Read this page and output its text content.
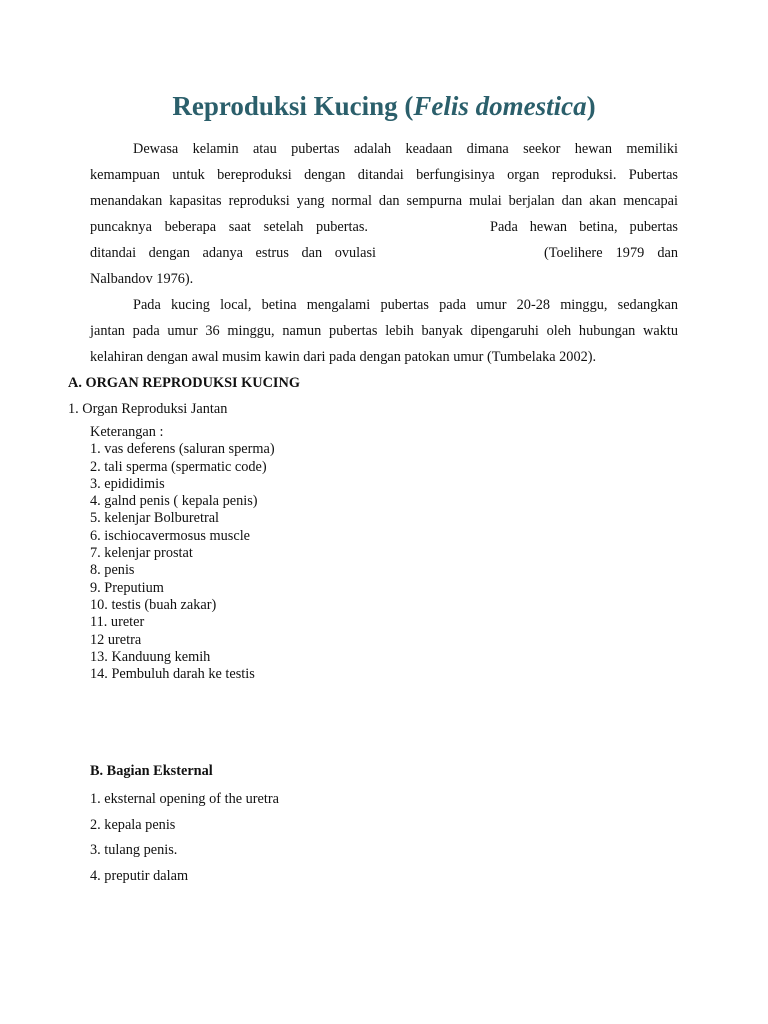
Reproduksi Kucing (Felis domestica)
Dewasa kelamin atau pubertas adalah keadaan dimana seekor hewan memiliki
kemampuan untuk bereproduksi dengan ditandai berfungisinya organ reproduksi. Pubertas
menandakan kapasitas reproduksi yang normal dan sempurna mulai berjalan dan akan mencapai
puncaknya beberapa saat setelah pubertas.	Pada hewan betina, pubertas
ditandai dengan adanya estrus dan ovulasi	(Toelihere 1979 dan
Nalbandov 1976).
Pada kucing local, betina mengalami pubertas pada umur 20-28 minggu, sedangkan
jantan pada umur 36 minggu, namun pubertas lebih banyak dipengaruhi oleh hubungan waktu
kelahiran dengan awal musim kawin dari pada dengan patokan umur (Tumbelaka 2002).

A. ORGAN REPRODUKSI KUCING

1. Organ Reproduksi Jantan

Keterangan :
1. vas deferens (saluran sperma)
2. tali sperma (spermatic code)
3. epididimis
4. galnd penis ( kepala penis)
5. kelenjar Bolburetral
6. ischiocavermosus muscle
7. kelenjar prostat
8. penis
9. Preputium
10. testis (buah zakar)
11. ureter
12 uretra
13. Kanduung kemih
14. Pembuluh darah ke testis

B. Bagian Eksternal

1. eksternal opening of the uretra
2. kepala penis
3. tulang penis.
4. preputir dalam
